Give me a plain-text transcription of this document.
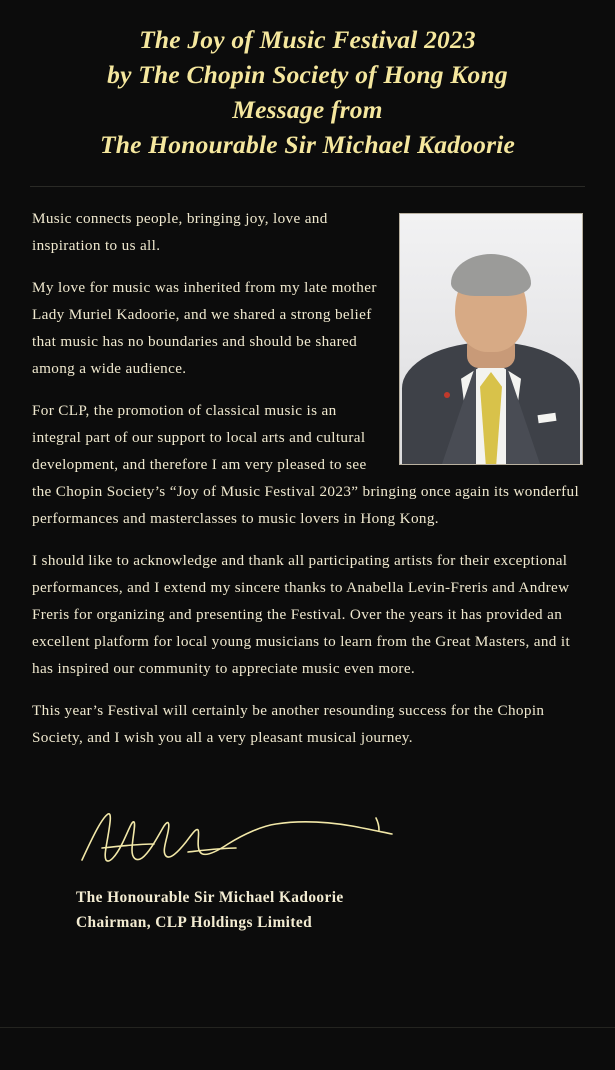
The Joy of Music Festival 2023
by The Chopin Society of Hong Kong
Message from
The Honourable Sir Michael Kadoorie

Music connects people, bringing joy, love and inspiration to us all.

My love for music was inherited from my late mother Lady Muriel Kadoorie, and we shared a strong belief that music has no boundaries and should be shared among a wide audience.

For CLP, the promotion of classical music is an integral part of our support to local arts and cultural development, and therefore I am very pleased to see the Chopin Society’s “Joy of Music Festival 2023” bringing once again its wonderful performances and masterclasses to music lovers in Hong Kong.

I should like to acknowledge and thank all participating artists for their exceptional performances, and I extend my sincere thanks to Anabella Levin-Freris and Andrew Freris for organizing and presenting the Festival. Over the years it has provided an excellent platform for local young musicians to learn from the Great Masters, and it has inspired our community to appreciate music even more.

This year’s Festival will certainly be another resounding success for the Chopin Society, and I wish you all a very pleasant musical journey.

The Honourable Sir Michael Kadoorie
Chairman, CLP Holdings Limited
